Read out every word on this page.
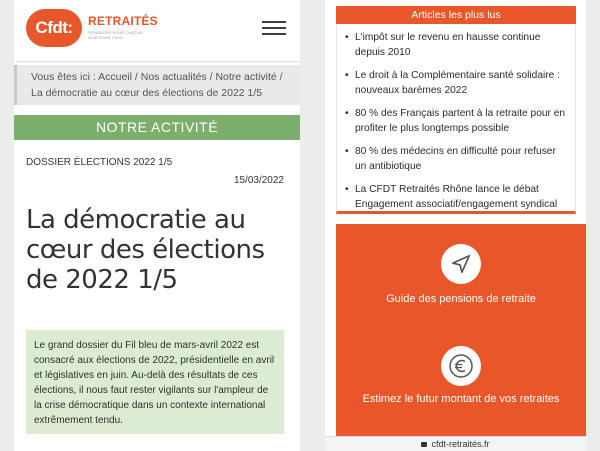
Cfdt:	RETRAITÉS
S'ENGAGER POUR CHACUN AGIR POUR TOUS
Vous êtes ici : Accueil / Nos actualités / Notre activité / La démocratie au cœur des élections de 2022 1/5
NOTRE ACTIVITÉ
DOSSIER ÉLECTIONS 2022 1/5
15/03/2022
La démocratie au cœur des élections de 2022 1/5
Le grand dossier du Fil bleu de mars-avril 2022 est consacré aux élections de 2022, présidentielle en avril et législatives en juin. Au-delà des résultats de ces élections, il nous faut rester vigilants sur l'ampleur de la crise démocratique dans un contexte international extrêmement tendu.
Articles les plus lus
• L'impôt sur le revenu en hausse continue depuis 2010
• Le droit à la Complémentaire santé solidaire : nouveaux barèmes 2022
• 80 % des Français partent à la retraite pour en profiter le plus longtemps possible
• 80 % des médecins en difficulté pour refuser un antibiotique
• La CFDT Retraités Rhône lance le débat Engagement associatif/engagement syndical
Guide des pensions de retraite
Estimez le futur montant de vos retraites
cfdt-retraités.fr
